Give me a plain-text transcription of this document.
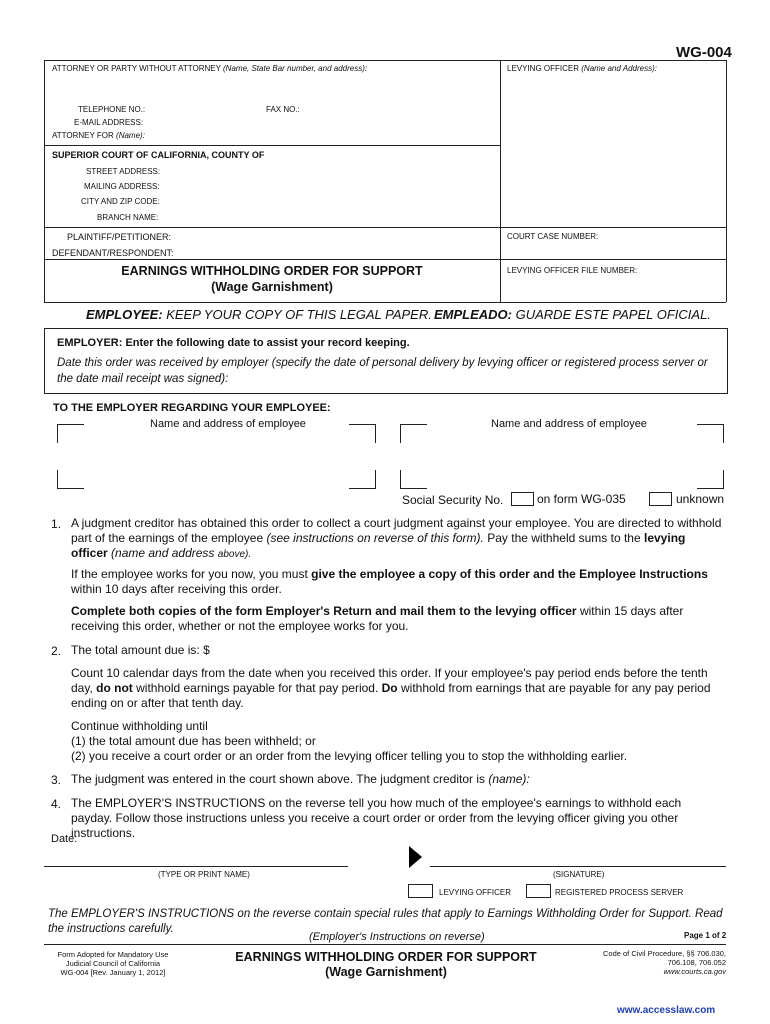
WG-004
ATTORNEY OR PARTY WITHOUT ATTORNEY (Name, State Bar number, and address):	LEVYING OFFICER (Name and Address):
TELEPHONE NO.:	FAX NO.:
E-MAIL ADDRESS:
ATTORNEY FOR (Name):
SUPERIOR COURT OF CALIFORNIA, COUNTY OF
STREET ADDRESS:
MAILING ADDRESS:
CITY AND ZIP CODE:
BRANCH NAME:
PLAINTIFF/PETITIONER:	COURT CASE NUMBER:
DEFENDANT/RESPONDENT:
EARNINGS WITHHOLDING ORDER FOR SUPPORT
(Wage Garnishment)
LEVYING OFFICER FILE NUMBER:
EMPLOYEE: KEEP YOUR COPY OF THIS LEGAL PAPER. EMPLEADO: GUARDE ESTE PAPEL OFICIAL.
EMPLOYER: Enter the following date to assist your record keeping.
Date this order was received by employer (specify the date of personal delivery by levying officer or registered process server or the date mail receipt was signed):
TO THE EMPLOYER REGARDING YOUR EMPLOYEE:
Name and address of employee	Name and address of employee
Social Security No.	on form WG-035	unknown
1. A judgment creditor has obtained this order to collect a court judgment against your employee. You are directed to withhold part of the earnings of the employee (see instructions on reverse of this form). Pay the withheld sums to the levying officer (name and address above).
If the employee works for you now, you must give the employee a copy of this order and the Employee Instructions within 10 days after receiving this order.
Complete both copies of the form Employer's Return and mail them to the levying officer within 15 days after receiving this order, whether or not the employee works for you.
2. The total amount due is: $
Count 10 calendar days from the date when you received this order. If your employee's pay period ends before the tenth day, do not withhold earnings payable for that pay period. Do withhold from earnings that are payable for any pay period ending on or after that tenth day.
Continue withholding until
(1) the total amount due has been withheld; or
(2) you receive a court order or an order from the levying officer telling you to stop the withholding earlier.
3. The judgment was entered in the court shown above. The judgment creditor is (name):
4. The EMPLOYER'S INSTRUCTIONS on the reverse tell you how much of the employee's earnings to withhold each payday. Follow those instructions unless you receive a court order or order from the levying officer giving you other instructions.
Date:
(TYPE OR PRINT NAME)	(SIGNATURE)
LEVYING OFFICER	REGISTERED PROCESS SERVER
The EMPLOYER'S INSTRUCTIONS on the reverse contain special rules that apply to Earnings Withholding Order for Support. Read the instructions carefully.
(Employer's Instructions on reverse)	Page 1 of 2
Form Adopted for Mandatory Use
Judicial Council of California
WG-004 [Rev. January 1, 2012]
EARNINGS WITHHOLDING ORDER FOR SUPPORT
(Wage Garnishment)
Code of Civil Procedure, §§ 706.030,
706.108, 706.052
www.courts.ca.gov
www.accesslaw.com
